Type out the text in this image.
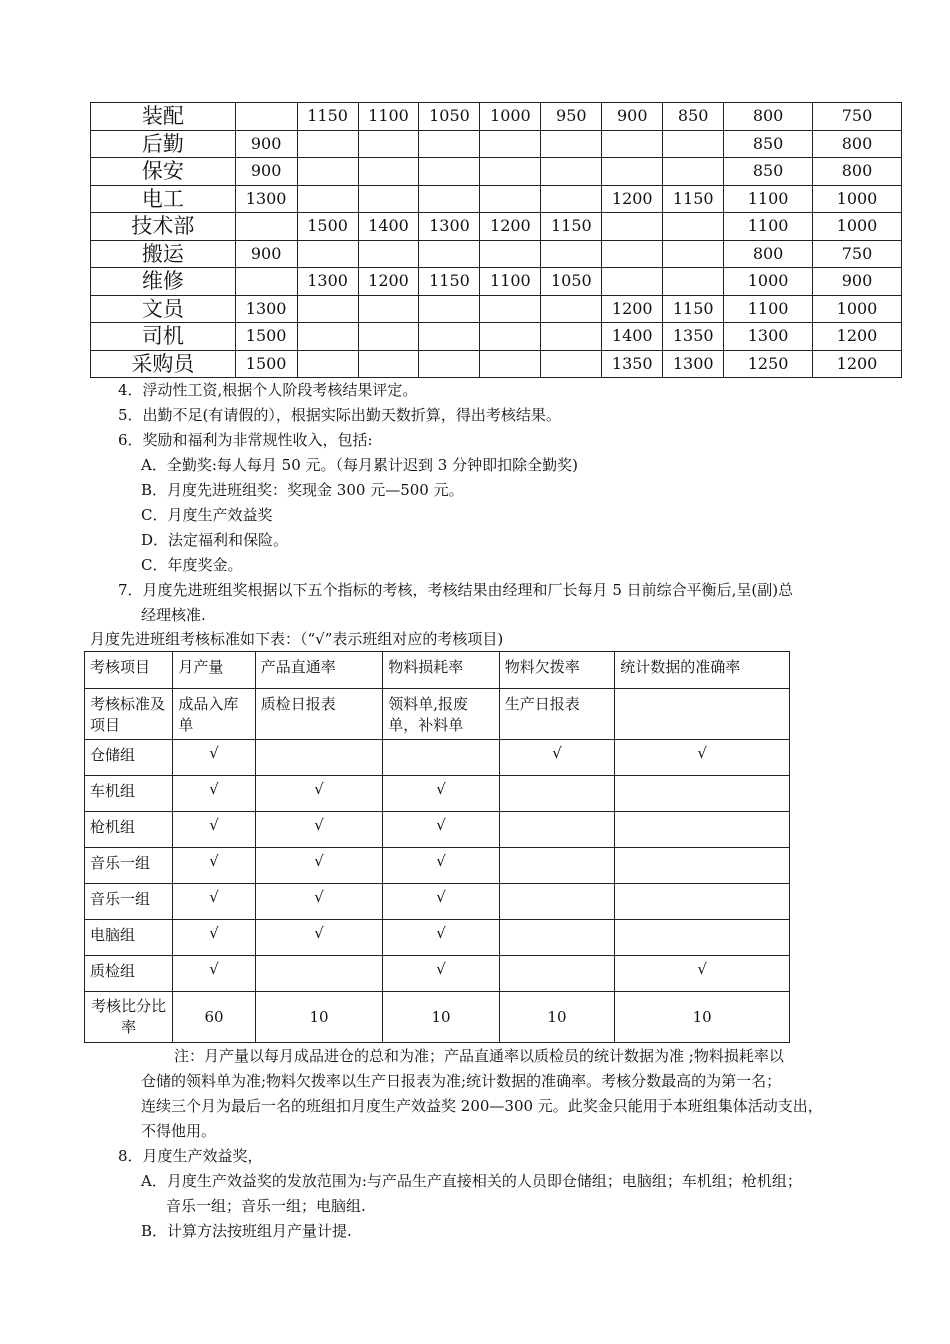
装配		1150	1100	1050	1000	950	900	850	800	750
后勤	900								850	800
保安	900								850	800
电工	1300						1200	1150	1100	1000
技术部		1500	1400	1300	1200	1150			1100	1000
搬运	900								800	750
维修		1300	1200	1150	1100	1050			1000	900
文员	1300						1200	1150	1100	1000
司机	1500						1400	1350	1300	1200
采购员	1500						1350	1300	1250	1200
4．浮动性工资,根据个人阶段考核结果评定。
5．出勤不足(有请假的），根据实际出勤天数折算，得出考核结果。
6．奖励和福利为非常规性收入，包括:
A．全勤奖:每人每月 50 元。（每月累计迟到 3 分钟即扣除全勤奖)
B．月度先进班组奖：奖现金 300 元—500 元。
C．月度生产效益奖
D．法定福利和保险。
C．年度奖金。
7．月度先进班组奖根据以下五个指标的考核，考核结果由经理和厂长每月 5 日前综合平衡后,呈(副)总
经理核准.
月度先进班组考核标准如下表：（“√”表示班组对应的考核项目)
考核项目	月产量	产品直通率	物料损耗率	物料欠拨率	统计数据的准确率
考核标准及项目	成品入库单	质检日报表	领料单,报废单，补料单	生产日报表	
仓储组	√			√	√
车机组	√	√	√		
枪机组	√	√	√		
音乐一组	√	√	√		
音乐一组	√	√	√		
电脑组	√	√	√		
质检组	√		√		√
考核比分比率	60	10	10	10	10
注：月产量以每月成品进仓的总和为准；产品直通率以质检员的统计数据为准 ;物料损耗率以
仓储的领料单为准;物料欠拨率以生产日报表为准;统计数据的准确率。考核分数最高的为第一名；
连续三个月为最后一名的班组扣月度生产效益奖 200—300 元。此奖金只能用于本班组集体活动支出，
不得他用。
8．月度生产效益奖，
A．月度生产效益奖的发放范围为:与产品生产直接相关的人员即仓储组；电脑组；车机组；枪机组；
音乐一组；音乐一组；电脑组.
B．计算方法按班组月产量计提.
